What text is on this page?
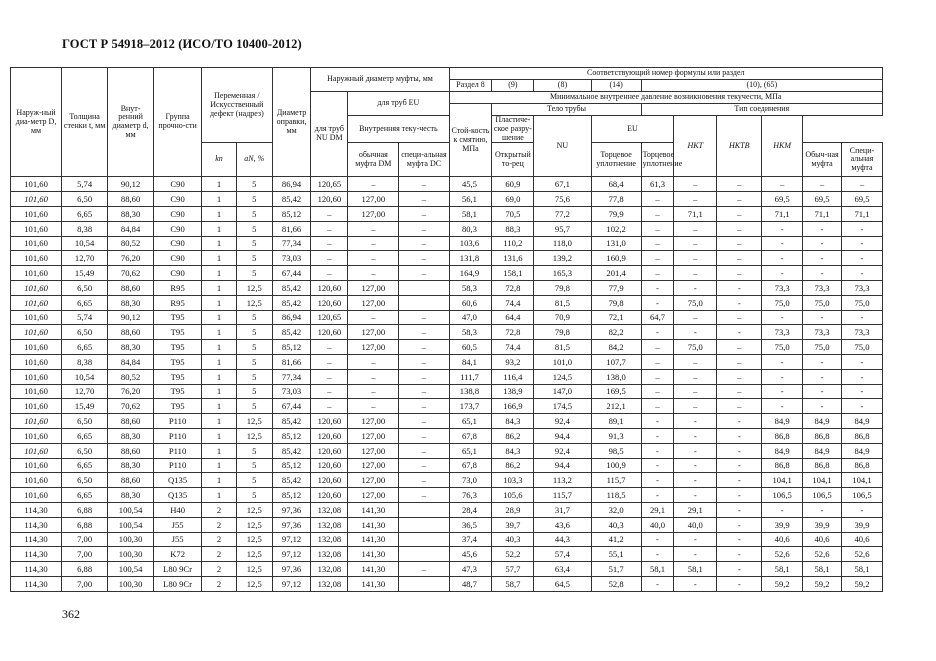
ГОСТ Р 54918–2012 (ИСО/ТО 10400-2012)
Наруж-ный диа-метр D, мм	Толщина стенки t, мм	Внут-ренний диаметр d, мм	Группа прочно-сти	Переменная /Искусственный дефект (надрез)		Диаметр оправки, мм	Наружный диаметр муфты, мм			Соответствующий номер формулы или раздел									
										Раздел 8	(9)	(8)	(14)	(10), (65)					
							для труб NU DM	для труб EU		Минимальное внутреннее давление возникновения текучести, МПа									
										Стой-кость к смятию, МПа	Тело трубы			Тип соединения					
								Внутренняя теку-честь			Пластиче-ское разру-шение	NU	EU		НКТ	НКТВ	НКМ		
				kn	aN, %			обычная муфта DM	специ-альная муфта DC		Открытый то-рец		Торцевое уплотнение	Торцевое уплотнение				Обыч-ная муфта	Специ-альная муфта
101,60	5,74	90,12	C90	1	5	86,94	120,65	–	–	45,5	60,9	67,1	68,4	61,3	–	–	–	–	–
101,60	6,50	88,60	C90	1	5	85,42	120,60	127,00	–	56,1	69,0	75,6	77,8	–	–	–	69,5	69,5	69,5
101,60	6,65	88,30	C90	1	5	85,12	–	127,00	–	58,1	70,5	77,2	79,9	–	71,1	–	71,1	71,1	71,1
101,60	8,38	84,84	C90	1	5	81,66	–	–	–	80,3	88,3	95,7	102,2	–	–	–	-	-	-
101,60	10,54	80,52	C90	1	5	77,34	–	–	–	103,6	110,2	118,0	131,0	–	–	–	-	-	-
101,60	12,70	76,20	C90	1	5	73,03	–	–	–	131,8	131,6	139,2	160,9	–	–	–	-	-	-
101,60	15,49	70,62	C90	1	5	67,44	–	–	–	164,9	158,1	165,3	201,4	–	–	–	-	-	-
101,60	6,50	88,60	R95	1	12,5	85,42	120,60	127,00		58,3	72,8	79,8	77,9	-	-	-	73,3	73,3	73,3
101,60	6,65	88,30	R95	1	12,5	85,42	120,60	127,00		60,6	74,4	81,5	79,8	-	75,0	-	75,0	75,0	75,0
101,60	5,74	90,12	T95	1	5	86,94	120,65	–	–	47,0	64,4	70,9	72,1	64,7	–	–	-	-	-
101,60	6,50	88,60	T95	1	5	85,42	120,60	127,00	–	58,3	72,8	79,8	82,2	-	-	-	73,3	73,3	73,3
101,60	6,65	88,30	T95	1	5	85,12	–	127,00	–	60,5	74,4	81,5	84,2	–	75,0	–	75,0	75,0	75,0
101,60	8,38	84,84	T95	1	5	81,66	–	–	–	84,1	93,2	101,0	107,7	–	–	–	-	-	-
101,60	10,54	80,52	T95	1	5	77,34	–	–	–	111,7	116,4	124,5	138,0	–	–	–	-	-	-
101,60	12,70	76,20	T95	1	5	73,03	–	–	–	138,8	138,9	147,0	169,5	–	–	–	-	-	-
101,60	15,49	70,62	T95	1	5	67,44	–	–	–	173,7	166,9	174,5	212,1	–	–	–	-	-	-
101,60	6,50	88,60	P110	1	12,5	85,42	120,60	127,00	–	65,1	84,3	92,4	89,1	-	-	-	84,9	84,9	84,9
101,60	6,65	88,30	P110	1	12,5	85,12	120,60	127,00	–	67,8	86,2	94,4	91,3	-	-	-	86,8	86,8	86,8
101,60	6,50	88,60	P110	1	5	85,42	120,60	127,00	–	65,1	84,3	92,4	98,5	-	-	-	84,9	84,9	84,9
101,60	6,65	88,30	P110	1	5	85,12	120,60	127,00	–	67,8	86,2	94,4	100,9	-	-	-	86,8	86,8	86,8
101,60	6,50	88,60	Q135	1	5	85,42	120,60	127,00	–	73,0	103,3	113,2	115,7	-	-	-	104,1	104,1	104,1
101,60	6,65	88,30	Q135	1	5	85,12	120,60	127,00	–	76,3	105,6	115,7	118,5	-	-	-	106,5	106,5	106,5
114,30	6,88	100,54	H40	2	12,5	97,36	132,08	141,30		28,4	28,9	31,7	32,0	29,1	29,1	-	-	-	-
114,30	6,88	100,54	J55	2	12,5	97,36	132,08	141,30		36,5	39,7	43,6	40,3	40,0	40,0	-	39,9	39,9	39,9
114,30	7,00	100,30	J55	2	12,5	97,12	132,08	141,30		37,4	40,3	44,3	41,2	-	-	-	40,6	40,6	40,6
114,30	7,00	100,30	K72	2	12,5	97,12	132,08	141,30		45,6	52,2	57,4	55,1	-	-	-	52,6	52,6	52,6
114,30	6,88	100,54	L80 9Cr	2	12,5	97,36	132,08	141,30	–	47,3	57,7	63,4	51,7	58,1	58,1	-	58,1	58,1	58,1
114,30	7,00	100,30	L80 9Cr	2	12,5	97,12	132,08	141,30		48,7	58,7	64,5	52,8	-	-	-	59,2	59,2	59,2
362
